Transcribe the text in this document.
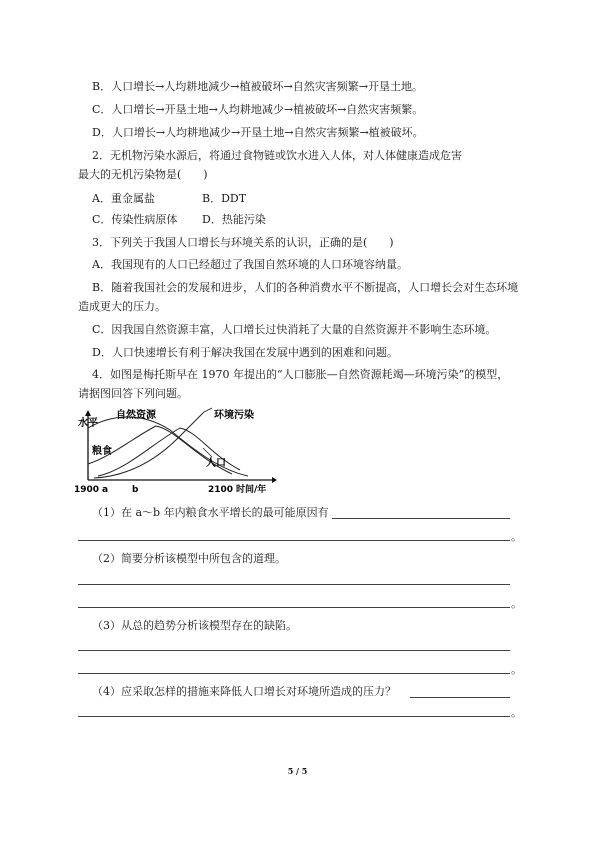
B．人口增长→人均耕地减少→植被破坏→自然灾害频繁→开垦土地。
C．人口增长→开垦土地→人均耕地减少→植被破坏→自然灾害频繁。
D．人口增长→人均耕地减少→开垦土地→自然灾害频繁→植被破坏。
2．无机物污染水源后，将通过食物链或饮水进入人体，对人体健康造成危害
最大的无机污染物是(　　)
A．重金属盐	B．DDT
C．传染性病原体 D．热能污染
3．下列关于我国人口增长与环境关系的认识，正确的是(　　)
A．我国现有的人口已经超过了我国自然环境的人口环境容纳量。
B．随着我国社会的发展和进步，人们的各种消费水平不断提高，人口增长会对生态环境
造成更大的压力。
C．因我国自然资源丰富，人口增长过快消耗了大量的自然资源并不影响生态环境。
D．人口快速增长有利于解决我国在发展中遇到的困难和问题。
4．如图是梅托斯早在 1970 年提出的“人口膨胀—自然资源耗竭—环境污染”的模型，
请据图回答下列问题。
水平
自然资源	环境污染
粮食
人口
1900 a	b	2100 时间/年
（1）在 a～b 年内粮食水平增长的最可能原因有
。
（2）简要分析该模型中所包含的道理。
。
（3）从总的趋势分析该模型存在的缺陷。
。
（4）应采取怎样的措施来降低人口增长对环境所造成的压力？
。
5 / 5
